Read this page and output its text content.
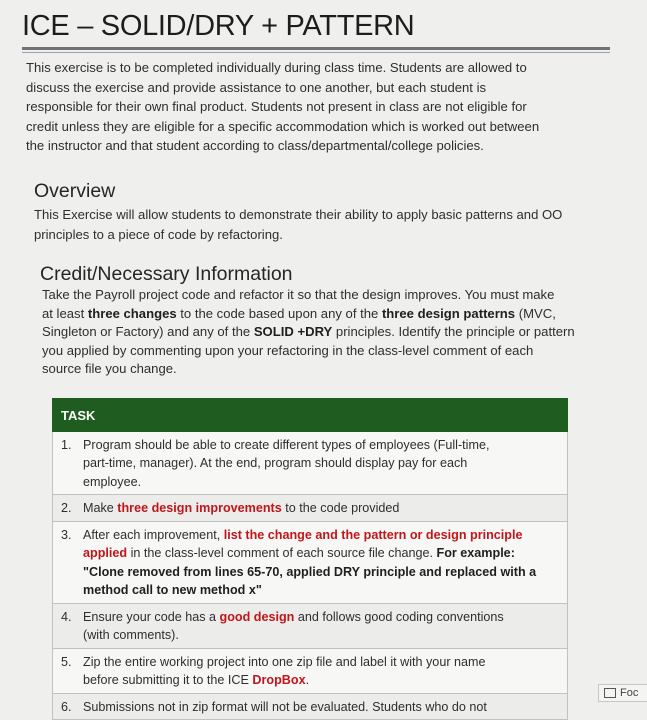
ICE – SOLID/DRY + PATTERN
This exercise is to be completed individually during class time. Students are allowed to
discuss the exercise and provide assistance to one another, but each student is
responsible for their own final product. Students not present in class are not eligible for
credit unless they are eligible for a specific accommodation which is worked out between
the instructor and that student according to class/departmental/college policies.
Overview
This Exercise will allow students to demonstrate their ability to apply basic patterns and OO
principles to a piece of code by refactoring.
Credit/Necessary Information
Take the Payroll project code and refactor it so that the design improves. You must make
at least three changes to the code based upon any of the three design patterns (MVC,
Singleton or Factory) and any of the SOLID +DRY principles. Identify the principle or pattern
you applied by commenting upon your refactoring in the class-level comment of each
source file you change.
TASK
1. Program should be able to create different types of employees (Full-time,
part-time, manager). At the end, program should display pay for each
employee.
2. Make three design improvements to the code provided
3. After each improvement, list the change and the pattern or design principle
applied in the class-level comment of each source file change. For example:
"Clone removed from lines 65-70, applied DRY principle and replaced with a
method call to new method x"
4. Ensure your code has a good design and follows good coding conventions
(with comments).
5. Zip the entire working project into one zip file and label it with your name
before submitting it to the ICE DropBox.
6. Submissions not in zip format will not be evaluated. Students who do not
Foc
